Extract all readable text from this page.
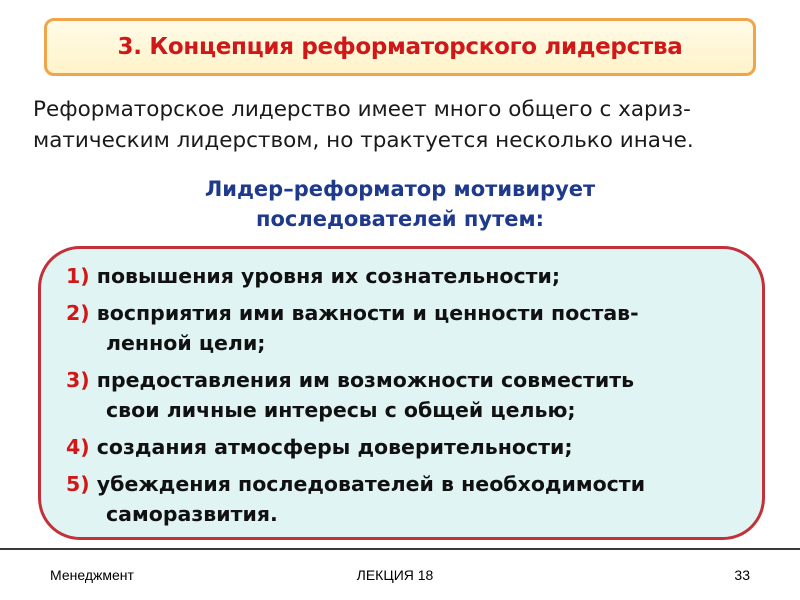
3. Концепция реформаторского лидерства

Реформаторское лидерство имеет много общего с хариз-
матическим лидерством, но трактуется несколько иначе.

Лидер–реформатор мотивирует
последователей путем:
1) повышения уровня их сознательности;
2) восприятия ими важности и ценности постав-
ленной цели;
3) предоставления им возможности совместить
свои личные интересы с общей целью;
4) создания атмосферы доверительности;
5) убеждения последователей в необходимости
саморазвития.
Менеджмент	ЛЕКЦИЯ 18	33
